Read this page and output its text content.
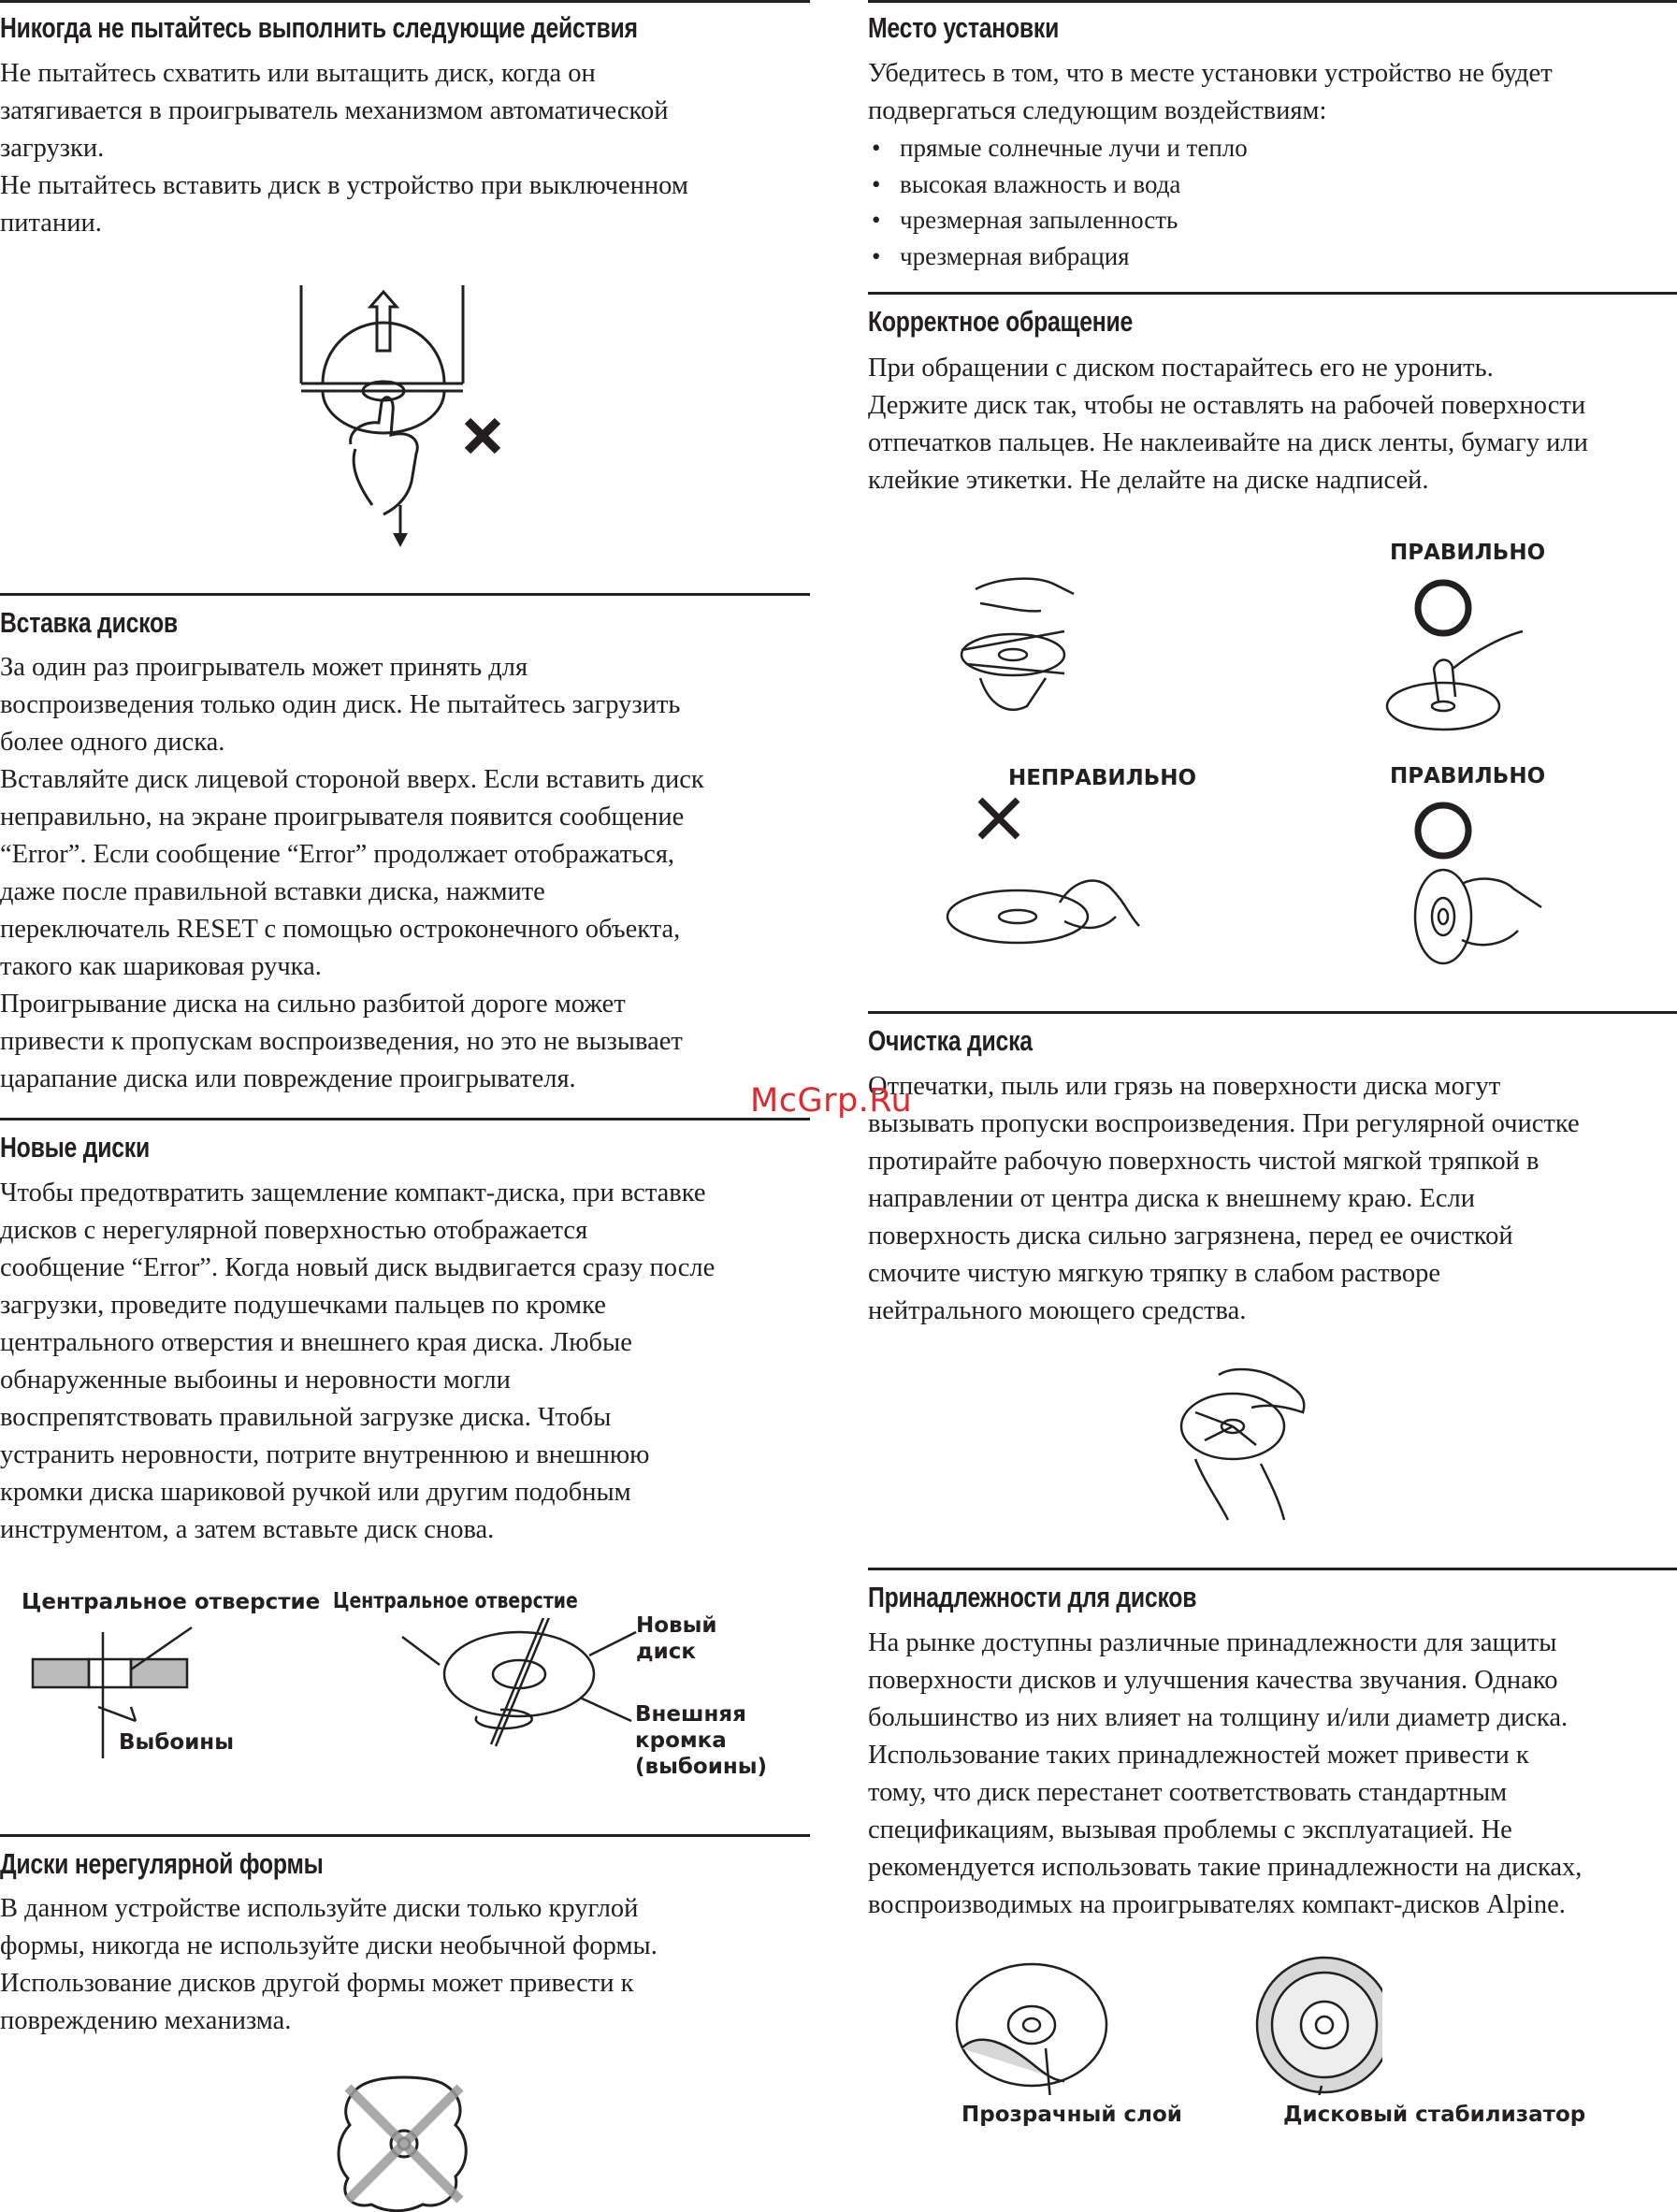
Никогда не пытайтесь выполнить следующие действия
Не пытайтесь схватить или вытащить диск, когда он
затягивается в проигрыватель механизмом автоматической
загрузки.
Не пытайтесь вставить диск в устройство при выключенном
питании.
Вставка дисков
За один раз проигрыватель может принять для
воспроизведения только один диск. Не пытайтесь загрузить
более одного диска.
Вставляйте диск лицевой стороной вверх. Если вставить диск
неправильно, на экране проигрывателя появится сообщение
“Error”. Если сообщение “Error” продолжает отображаться,
даже после правильной вставки диска, нажмите
переключатель RESET с помощью остроконечного объекта,
такого как шариковая ручка.
Проигрывание диска на сильно разбитой дороге может
привести к пропускам воспроизведения, но это не вызывает
царапание диска или повреждение проигрывателя.
Новые диски
Чтобы предотвратить защемление компакт-диска, при вставке
дисков с нерегулярной поверхностью отображается
сообщение “Error”. Когда новый диск выдвигается сразу после
загрузки, проведите подушечками пальцев по кромке
центрального отверстия и внешнего края диска. Любые
обнаруженные выбоины и неровности могли
воспрепятствовать правильной загрузке диска. Чтобы
устранить неровности, потрите внутреннюю и внешнюю
кромки диска шариковой ручкой или другим подобным
инструментом, а затем вставьте диск снова.
Центральное отверстие Центральное отверстие
Выбоины
Новый
диск
Внешняя
кромка
(выбоины)
Диски нерегулярной формы
В данном устройстве используйте диски только круглой
формы, никогда не используйте диски необычной формы.
Использование дисков другой формы может привести к
повреждению механизма.
Место установки
Убедитесь в том, что в месте установки устройство не будет
подвергаться следующим воздействиям:
• прямые солнечные лучи и тепло
• высокая влажность и вода
• чрезмерная запыленность
• чрезмерная вибрация
Корректное обращение
При обращении с диском постарайтесь его не уронить.
Держите диск так, чтобы не оставлять на рабочей поверхности
отпечатков пальцев. Не наклеивайте на диск ленты, бумагу или
клейкие этикетки. Не делайте на диске надписей.
ПРАВИЛЬНО
НЕПРАВИЛЬНО	ПРАВИЛЬНО
Очистка диска
Отпечатки, пыль или грязь на поверхности диска могут
вызывать пропуски воспроизведения. При регулярной очистке
протирайте рабочую поверхность чистой мягкой тряпкой в
направлении от центра диска к внешнему краю. Если
поверхность диска сильно загрязнена, перед ее очисткой
смочите чистую мягкую тряпку в слабом растворе
нейтрального моющего средства.
Принадлежности для дисков
На рынке доступны различные принадлежности для защиты
поверхности дисков и улучшения качества звучания. Однако
большинство из них влияет на толщину и/или диаметр диска.
Использование таких принадлежностей может привести к
тому, что диск перестанет соответствовать стандартным
спецификациям, вызывая проблемы с эксплуатацией. Не
рекомендуется использовать такие принадлежности на дисках,
воспроизводимых на проигрывателях компакт-дисков Alpine.
Прозрачный слой	Дисковый стабилизатор
McGrp.Ru
